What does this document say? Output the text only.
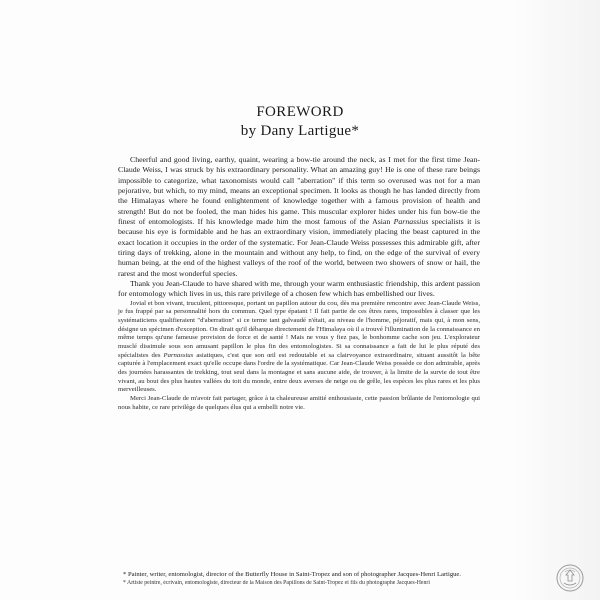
FOREWORD
by Dany Lartigue*

Cheerful and good living, earthy, quaint, wearing a bow-tie around the neck, as I met for the first time Jean-Claude Weiss, I was struck by his extraordinary personality. What an amazing guy! He is one of these rare beings impossible to categorize, what taxonomists would call "aberration" if this term so overused was not for a man pejorative, but which, to my mind, means an exceptional specimen. It looks as though he has landed directly from the Himalayas where he found enlightenment of knowledge together with a famous provision of health and strength! But do not be fooled, the man hides his game. This muscular explorer hides under his fun bow-tie the finest of entomologists. If his knowledge made him the most famous of the Asian Parnassius specialists it is because his eye is formidable and he has an extraordinary vision, immediately placing the beast captured in the exact location it occupies in the order of the systematic. For Jean-Claude Weiss possesses this admirable gift, after tiring days of trekking, alone in the mountain and without any help, to find, on the edge of the survival of every human being, at the end of the highest valleys of the roof of the world, between two showers of snow or hail, the rarest and the most wonderful species.

Thank you Jean-Claude to have shared with me, through your warm enthusiastic friendship, this ardent passion for entomology which lives in us, this rare privilege of a chosen few which has embellished our lives.

Jovial et bon vivant, truculent, pittoresque, portant un papillon autour du cou, dès ma première rencontre avec Jean-Claude Weiss, je fus frappé par sa personnalité hors du commun. Quel type épatant ! Il fait partie de ces êtres rares, impossibles à classer que les systématiciens qualifieraient "d'aberration" si ce terme tant galvaudé n'était, au niveau de l'homme, péjoratif, mais qui, à mon sens, désigne un spécimen d'exception. On dirait qu'il débarque directement de l'Himalaya où il a trouvé l'illumination de la connaissance en même temps qu'une fameuse provision de force et de santé ! Mais ne vous y fiez pas, le bonhomme cache son jeu. L'explorateur musclé dissimule sous son amusant papillon le plus fin des entomologistes. Si sa connaissance a fait de lui le plus réputé des spécialistes des Parnassius asiatiques, c'est que son œil est redoutable et sa clairvoyance extraordinaire, situant aussitôt la bête capturée à l'emplacement exact qu'elle occupe dans l'ordre de la systématique. Car Jean-Claude Weiss possède ce don admirable, après des journées harassantes de trekking, tout seul dans la montagne et sans aucune aide, de trouver, à la limite de la survie de tout être vivant, au bout des plus hautes vallées du toit du monde, entre deux averses de neige ou de grêle, les espèces les plus rares et les plus merveilleuses.

Merci Jean-Claude de m'avoir fait partager, grâce à ta chaleureuse amitié enthousiaste, cette passion brûlante de l'entomologie qui nous habite, ce rare privilège de quelques élus qui a embelli notre vie.

* Painter, writer, entomologist, director of the Butterfly House in Saint-Tropez and son of photographer Jacques-Henri Lartigue.

* Artiste peintre, écrivain, entomologiste, directeur de la Maison des Papillons de Saint-Tropez et fils du photographe Jacques-Henri
